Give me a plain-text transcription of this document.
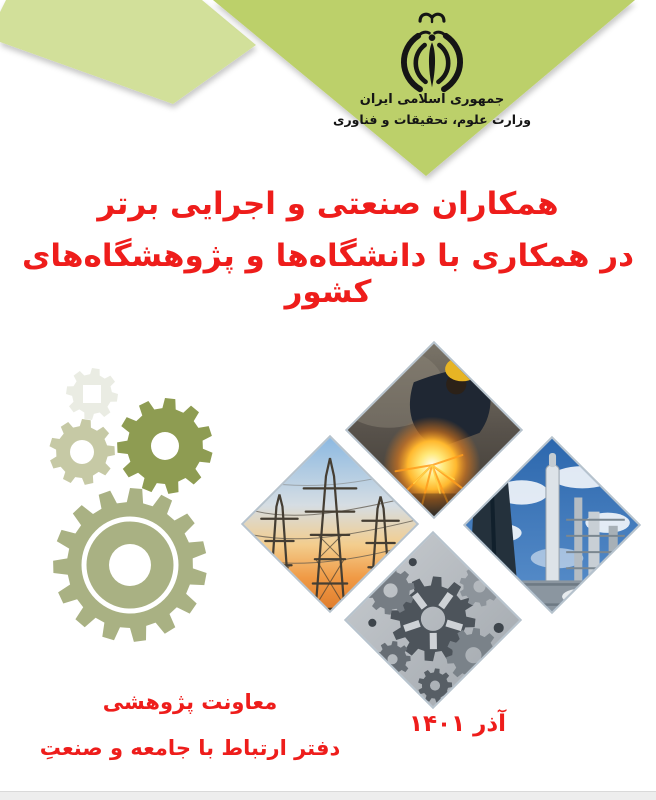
جمهوری اسلامی ایران
وزارت علوم، تحقیقات و فناوری
همکاران صنعتی و اجرایی برتر
در همکاری با دانشگاه‌ها و پژوهشگاه‌های کشور
معاونت پژوهشی
دفتر ارتباط با جامعه و صنعتِ
آذر ۱۴۰۱
